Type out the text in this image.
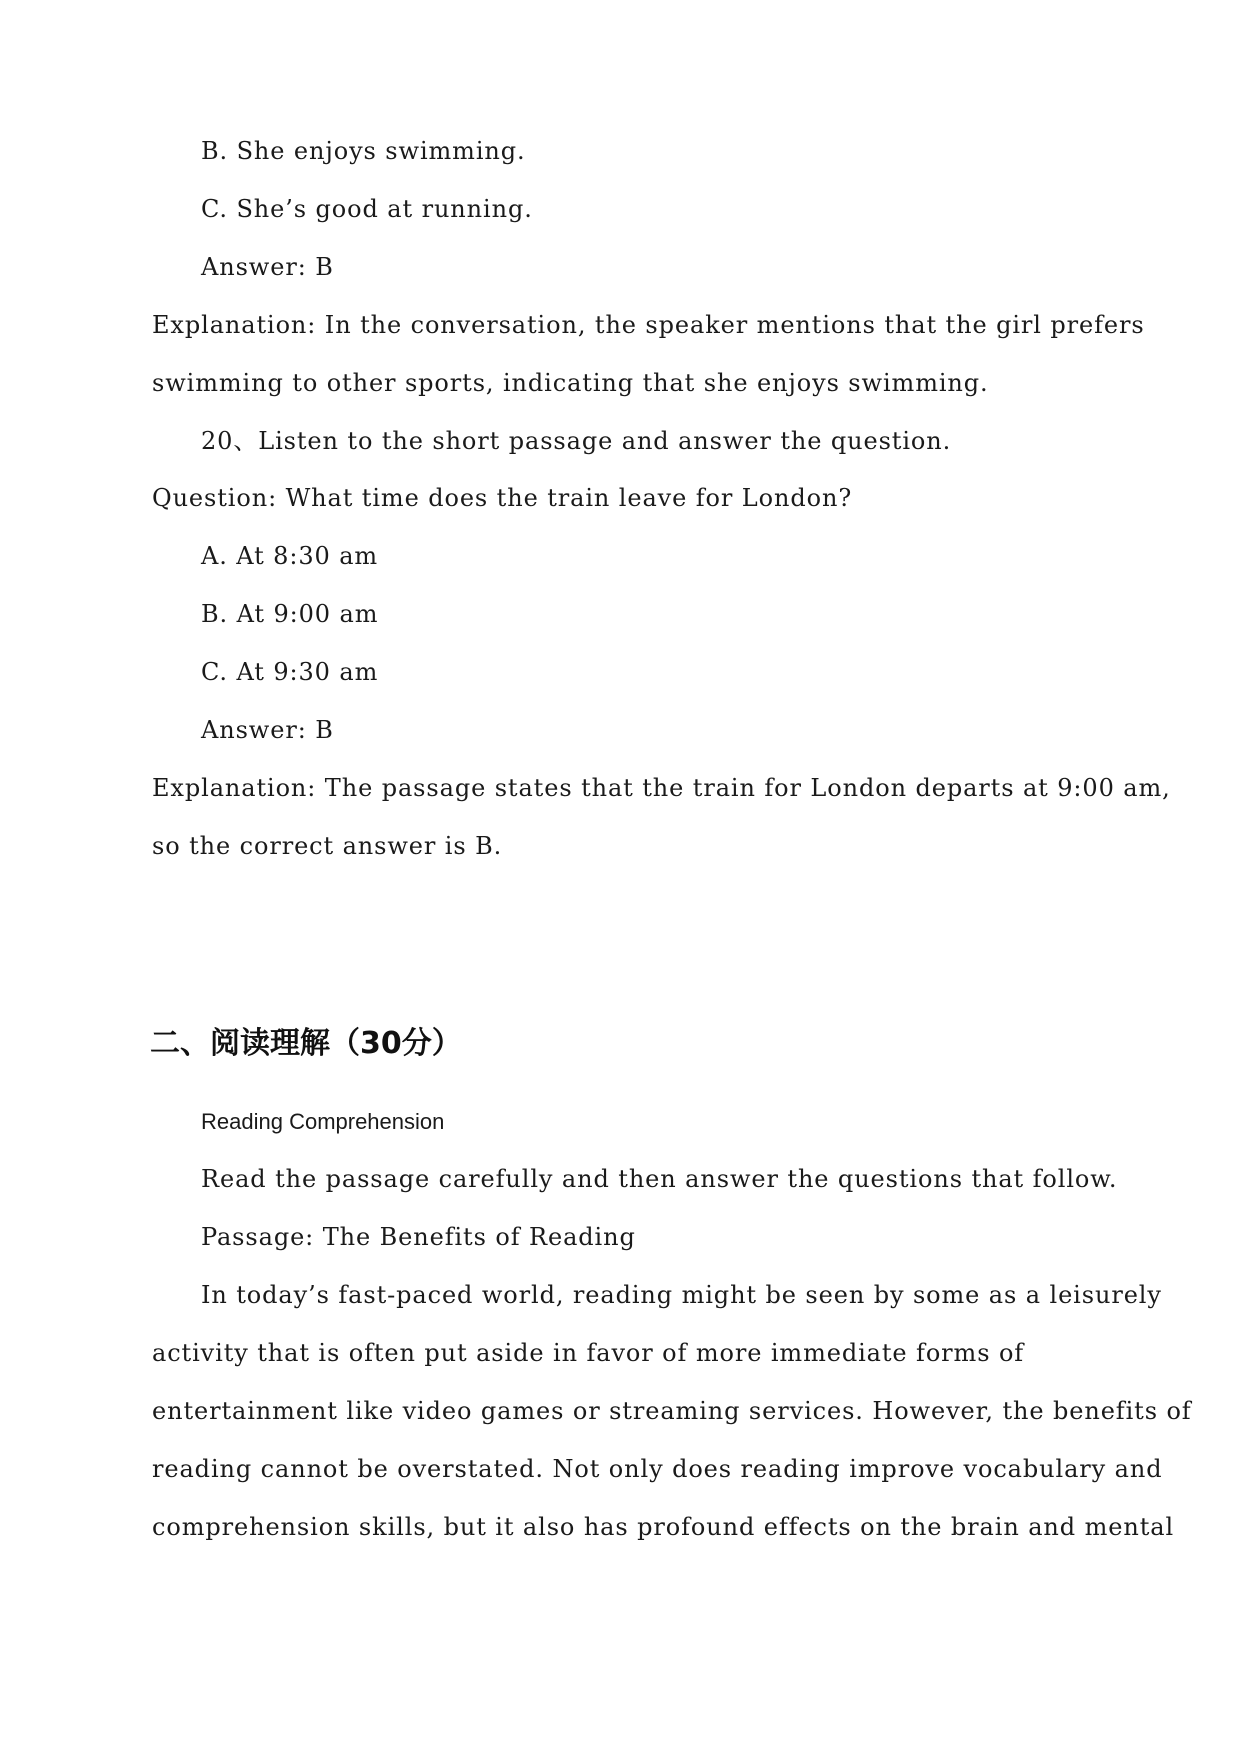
B. She enjoys swimming.

C. She’s good at running.

Answer: B

Explanation: In the conversation, the speaker mentions that the girl prefers

swimming to other sports, indicating that she enjoys swimming.

20、Listen to the short passage and answer the question.

Question: What time does the train leave for London?

A. At 8:30 am

B. At 9:00 am

C. At 9:30 am

Answer: B

Explanation: The passage states that the train for London departs at 9:00 am,

so the correct answer is B.

二、阅读理解（30分）

Reading Comprehension

Read the passage carefully and then answer the questions that follow.

Passage: The Benefits of Reading

In today’s fast-paced world, reading might be seen by some as a leisurely

activity that is often put aside in favor of more immediate forms of

entertainment like video games or streaming services. However, the benefits of

reading cannot be overstated. Not only does reading improve vocabulary and

comprehension skills, but it also has profound effects on the brain and mental
